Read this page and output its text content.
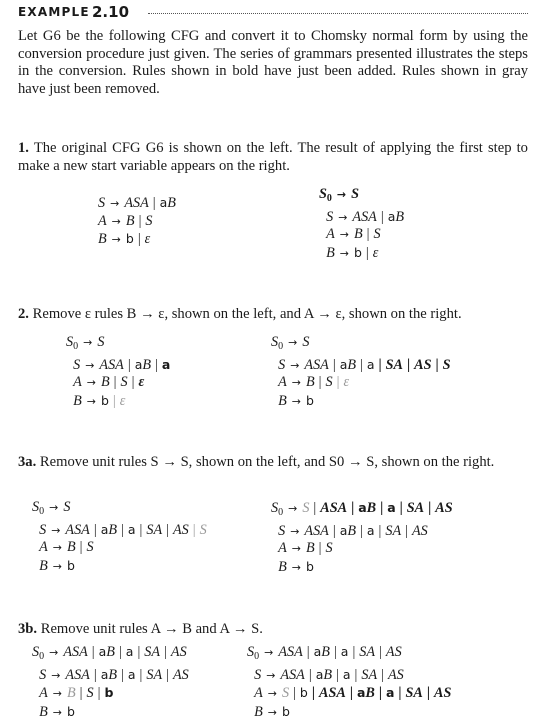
EXAMPLE 2.10

Let G6 be the following CFG and convert it to Chomsky normal form by using the conversion procedure just given. The series of grammars presented illustrates the steps in the conversion. Rules shown in bold have just been added. Rules shown in gray have just been removed.

1. The original CFG G6 is shown on the left. The result of applying the first step to make a new start variable appears on the right.

S → ASA | aB
A → B | S
B → b | ε
$S_0 \to S$
S → ASA | aB
A → B | S
B → b | ε

2. Remove ε rules B → ε, shown on the left, and A → ε, shown on the right.

$S_0 \to S$
S → ASA | aB | a
A → B | S | ε
B → b | ε
$S_0 \to S$
S → ASA | aB | a | SA | AS | S
A → B | S | ε
B → b

3a. Remove unit rules S → S, shown on the left, and S0 → S, shown on the right.

$S_0 \to S$
S → ASA | aB | a | SA | AS | S
A → B | S
B → b
$S_0 \to S$ | ASA | aB | a | SA | AS
S → ASA | aB | a | SA | AS
A → B | S
B → b

3b. Remove unit rules A → B and A → S.

$S_0$ → ASA | aB | a | SA | AS
S → ASA | aB | a | SA | AS
A → B | S | b
B → b
$S_0$ → ASA | aB | a | SA | AS
S → ASA | aB | a | SA | AS
A → S | b | ASA | aB | a | SA | AS
B → b
